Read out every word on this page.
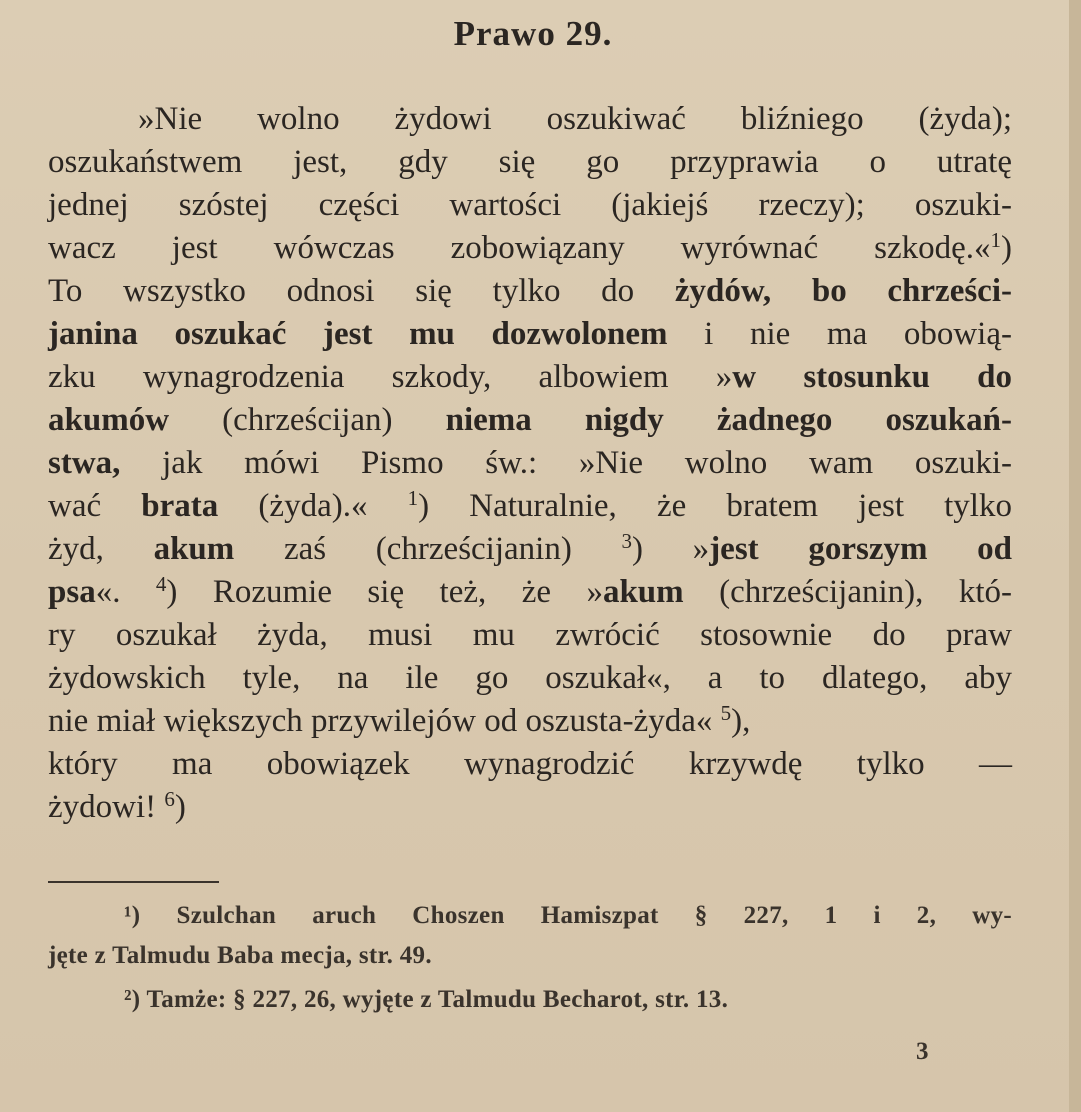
Prawo 29.
»Nie wolno żydowi oszukiwać bliźniego (żyda);
oszukaństwem jest, gdy się go przyprawia o utratę
jednej szóstej części wartości (jakiejś rzeczy); oszuki-
wacz jest wówczas zobowiązany wyrównać szkodę.«$^1$)
To wszystko odnosi się tylko do żydów, bo chrześci-
janina oszukać jest mu dozwolonem i nie ma obowią-
zku wynagrodzenia szkody, albowiem »w stosunku do
akumów (chrześcijan) niema nigdy żadnego oszukań-
stwa, jak mówi Pismo św.: »Nie wolno wam oszuki-
wać brata (żyda).« $^1$) Naturalnie, że bratem jest tylko
żyd, akum zaś (chrześcijanin) $^3$) »jest gorszym od
psa«. $^4$) Rozumie się też, że »akum (chrześcijanin), któ-
ry oszukał żyda, musi mu zwrócić stosownie do praw
żydowskich tyle, na ile go oszukał«, a to dlatego, aby
nie miał większych przywilejów od oszusta-żyda« $^5$),
który ma obowiązek wynagrodzić krzywdę tylko —
żydowi! $^6$)
¹) Szulchan aruch Choszen Hamiszpat § 227, 1 i 2, wy-
jęte z Talmudu Baba mecja, str. 49.
²) Tamże: § 227, 26, wyjęte z Talmudu Becharot, str. 13.
3
